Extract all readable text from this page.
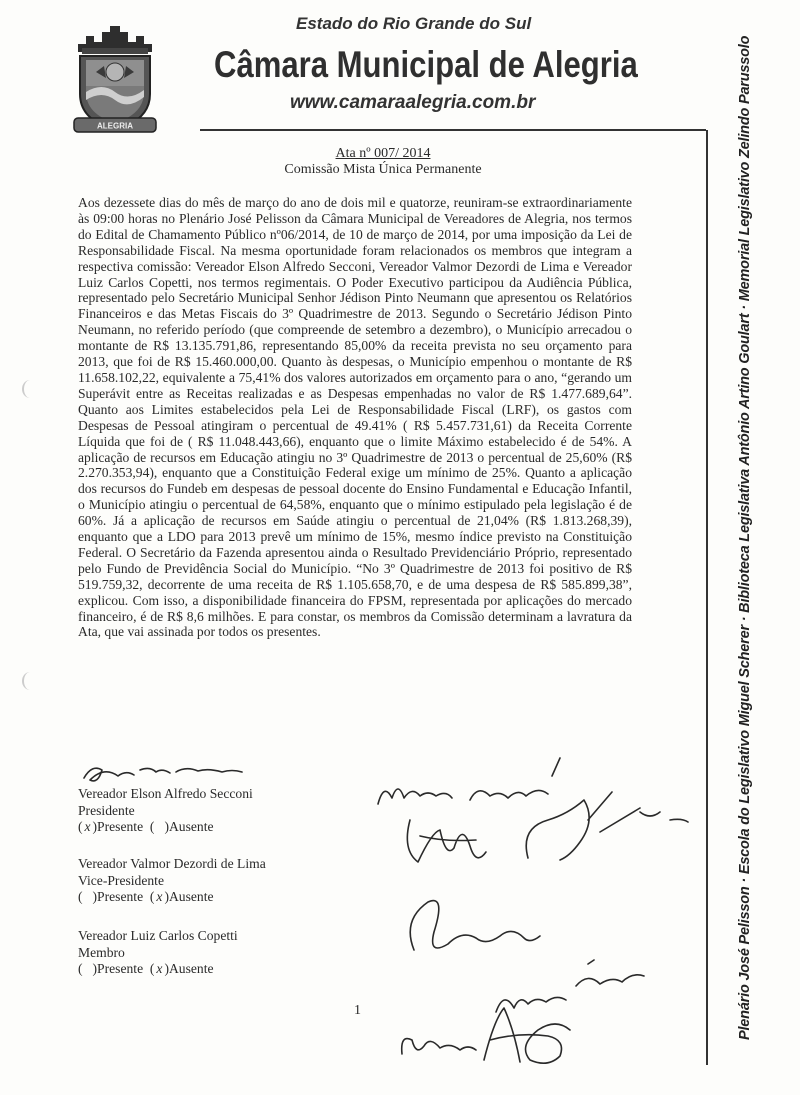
ALEGRIA
Estado do Rio Grande do Sul
Câmara Municipal de Alegria
www.camaraalegria.com.br	Plenário José Pelisson · Escola do Legislativo Miguel Scherer · Biblioteca Legislativa Antônio Artino Goulart · Memorial Legislativo Zelindo Parussolo
Ata nº 007/ 2014
Comissão Mista Única Permanente

Aos dezessete dias do mês de março do ano de dois mil e quatorze, reuniram-se extraordinariamente às 09:00 horas no Plenário José Pelisson da Câmara Municipal de Vereadores de Alegria, nos termos do Edital de Chamamento Público nº06/2014, de 10 de março de 2014, por uma imposição da Lei de Responsabilidade Fiscal. Na mesma oportunidade foram relacionados os membros que integram a respectiva comissão: Vereador Elson Alfredo Secconi, Vereador Valmor Dezordi de Lima e Vereador Luiz Carlos Copetti, nos termos regimentais. O Poder Executivo participou da Audiência Pública, representado pelo Secretário Municipal Senhor Jédison Pinto Neumann que apresentou os Relatórios Financeiros e das Metas Fiscais do 3º Quadrimestre de 2013. Segundo o Secretário Jédison Pinto Neumann, no referido período (que compreende de setembro a dezembro), o Município arrecadou o montante de R$ 13.135.791,86, representando 85,00% da receita prevista no seu orçamento para 2013, que foi de R$ 15.460.000,00. Quanto às despesas, o Município empenhou o montante de R$ 11.658.102,22, equivalente a 75,41% dos valores autorizados em orçamento para o ano, “gerando um Superávit entre as Receitas realizadas e as Despesas empenhadas no valor de R$ 1.477.689,64”. Quanto aos Limites estabelecidos pela Lei de Responsabilidade Fiscal (LRF), os gastos com Despesas de Pessoal atingiram o percentual de 49.41% ( R$ 5.457.731,61) da Receita Corrente Líquida que foi de ( R$ 11.048.443,66), enquanto que o limite Máximo estabelecido é de 54%. A aplicação de recursos em Educação atingiu no 3º Quadrimestre de 2013 o percentual de 25,60% (R$ 2.270.353,94), enquanto que a Constituição Federal exige um mínimo de 25%. Quanto a aplicação dos recursos do Fundeb em despesas de pessoal docente do Ensino Fundamental e Educação Infantil, o Município atingiu o percentual de 64,58%, enquanto que o mínimo estipulado pela legislação é de 60%. Já a aplicação de recursos em Saúde atingiu o percentual de 21,04% (R$ 1.813.268,39), enquanto que a LDO para 2013 prevê um mínimo de 15%, mesmo índice previsto na Constituição Federal. O Secretário da Fazenda apresentou ainda o Resultado Previdenciário Próprio, representado pelo Fundo de Previdência Social do Município. “No 3º Quadrimestre de 2013 foi positivo de R$ 519.759,32, decorrente de uma receita de R$ 1.105.658,70, e de uma despesa de R$ 585.899,38”, explicou. Com isso, a disponibilidade financeira do FPSM, representada por aplicações do mercado financeiro, é de R$ 8,6 milhões. E para constar, os membros da Comissão determinam a lavratura da Ata, que vai assinada por todos os presentes.

Vereador Elson Alfredo Secconi
Presidente
( x )Presente  ( )Ausente
Vereador Valmor Dezordi de Lima
Vice-Presidente
( )Presente  ( x )Ausente
Vereador Luiz Carlos Copetti
Membro
( )Presente  ( x )Ausente
1
